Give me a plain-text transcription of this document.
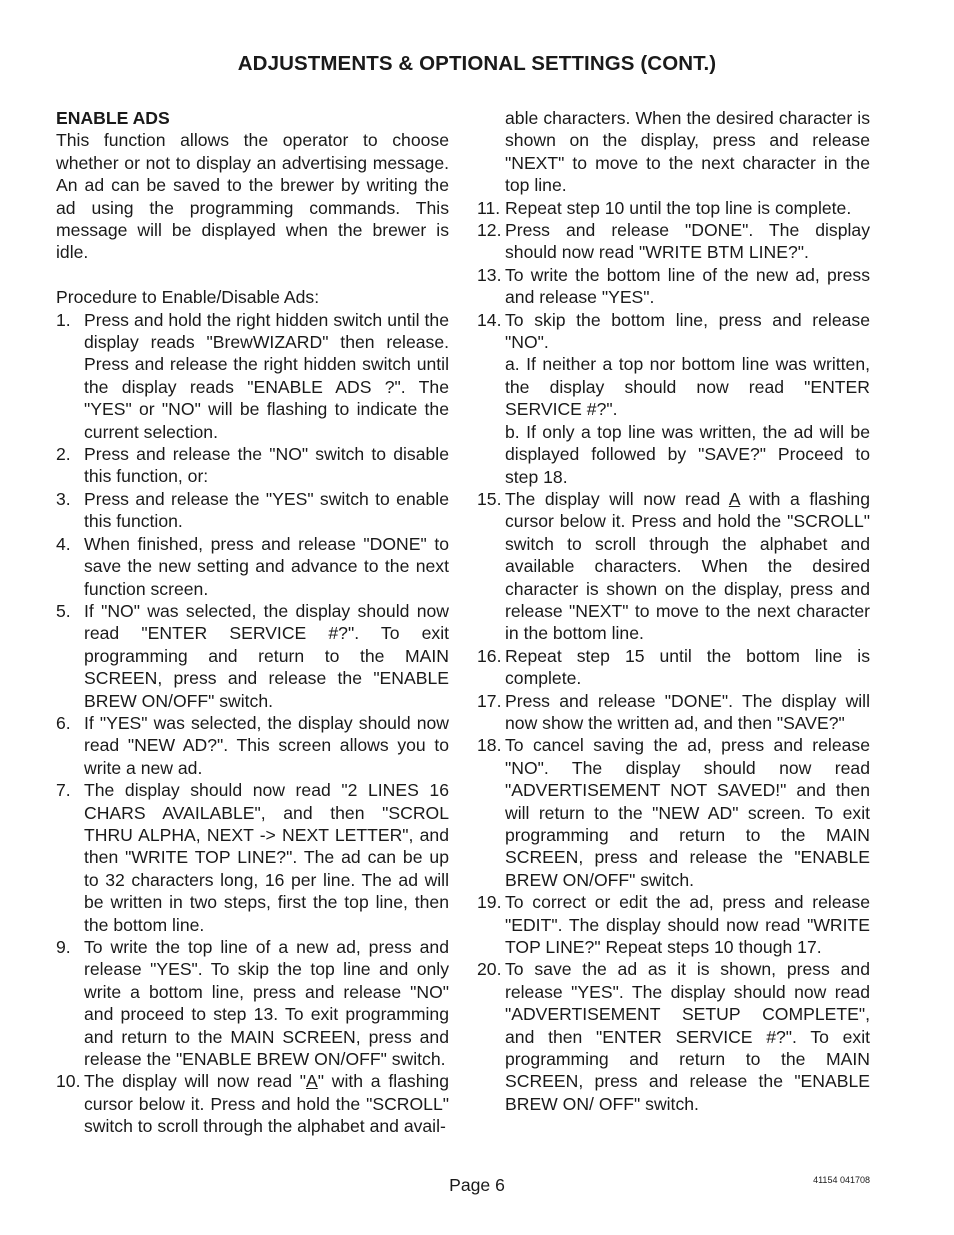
ADJUSTMENTS & OPTIONAL SETTINGS (CONT.)
ENABLE ADS

This function allows the operator to choose whether or not to display an advertising message. An ad can be saved to the brewer by writing the ad using the programming commands. This message will be displayed when the brewer is idle.

Procedure to Enable/Disable Ads:

1. Press and hold the right hidden switch until the display reads "BrewWIZARD" then release. Press and release the right hidden switch until the display reads "ENABLE ADS ?". The "YES" or "NO" will be flashing to indicate the current selection.
2. Press and release the "NO" switch to disable this function, or:
3. Press and release the "YES" switch to enable this function.
4. When finished, press and release "DONE" to save the new setting and advance to the next function screen.
5. If "NO" was selected, the display should now read "ENTER SERVICE #?". To exit programming and return to the MAIN SCREEN, press and release the "ENABLE BREW ON/OFF" switch.
6. If "YES" was selected, the display should now read "NEW AD?". This screen allows you to write a new ad.
7. The display should now read "2 LINES 16 CHARS AVAILABLE", and then "SCROL THRU ALPHA, NEXT -> NEXT LETTER", and then "WRITE TOP LINE?". The ad can be up to 32 characters long, 16 per line. The ad will be written in two steps, first the top line, then the bottom line.
9. To write the top line of a new ad, press and release "YES". To skip the top line and only write a bottom line, press and release "NO" and proceed to step 13. To exit programming and return to the MAIN SCREEN, press and release the "ENABLE BREW ON/OFF" switch.
10. The display will now read "A" with a flashing cursor below it. Press and hold the "SCROLL" switch to scroll through the alphabet and avail-

able characters. When the desired character is shown on the display, press and release "NEXT" to move to the next character in the top line.

11. Repeat step 10 until the top line is complete.
12. Press and release "DONE". The display should now read "WRITE BTM LINE?".
13. To write the bottom line of the new ad, press and release "YES".
14. To skip the bottom line, press and release "NO".

a. If neither a top nor bottom line was written, the display should now read "ENTER SERVICE #?".

b. If only a top line was written, the ad will be displayed followed by "SAVE?" Proceed to step 18.

15. The display will now read A with a flashing cursor below it. Press and hold the "SCROLL" switch to scroll through the alphabet and available characters. When the desired character is shown on the display, press and release "NEXT" to move to the next character in the bottom line.
16. Repeat step 15 until the bottom line is complete.
17. Press and release "DONE". The display will now show the written ad, and then "SAVE?"
18. To cancel saving the ad, press and release "NO". The display should now read "ADVERTISEMENT NOT SAVED!" and then will return to the "NEW AD" screen. To exit programming and return to the MAIN SCREEN, press and release the "ENABLE BREW ON/OFF" switch.
19. To correct or edit the ad, press and release "EDIT". The display should now read "WRITE TOP LINE?" Repeat steps 10 though 17.
20. To save the ad as it is shown, press and release "YES". The display should now read "ADVERTISEMENT SETUP COMPLETE", and then "ENTER SERVICE #?". To exit programming and return to the MAIN SCREEN, press and release the "ENABLE BREW ON/ OFF" switch.
Page 6	41154 041708
